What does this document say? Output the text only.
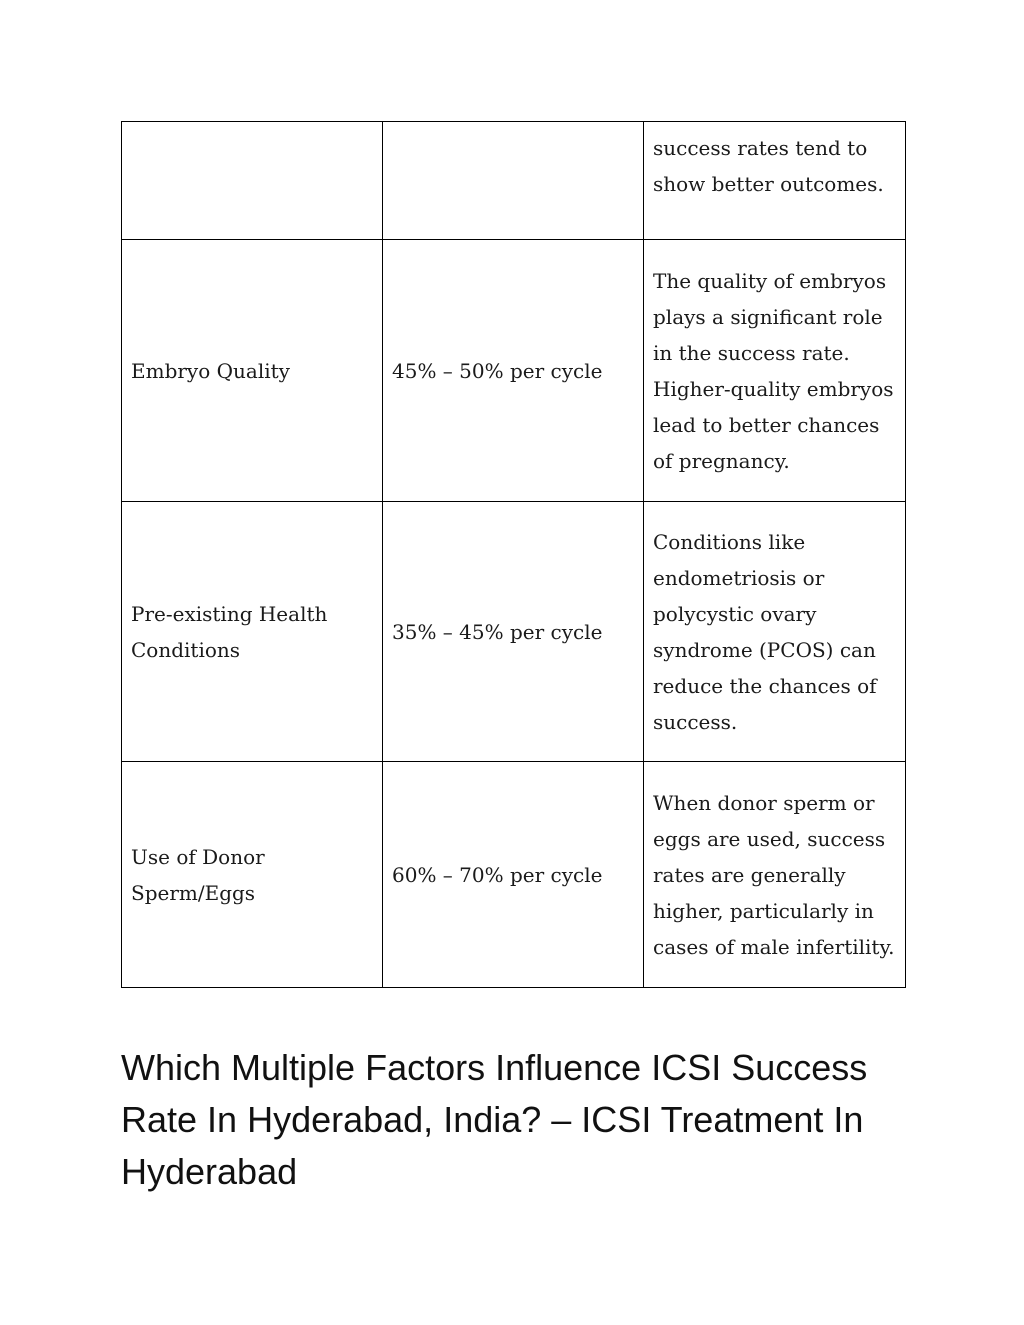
		success rates tend to show better outcomes.
Embryo Quality	45% – 50% per cycle	The quality of embryos plays a significant role in the success rate. Higher-quality embryos lead to better chances of pregnancy.
Pre-existing Health Conditions	35% – 45% per cycle	Conditions like endometriosis or polycystic ovary syndrome (PCOS) can reduce the chances of success.
Use of Donor Sperm/Eggs	60% – 70% per cycle	When donor sperm or eggs are used, success rates are generally higher, particularly in cases of male infertility.
Which Multiple Factors Influence ICSI Success Rate In Hyderabad, India? – ICSI Treatment In Hyderabad
